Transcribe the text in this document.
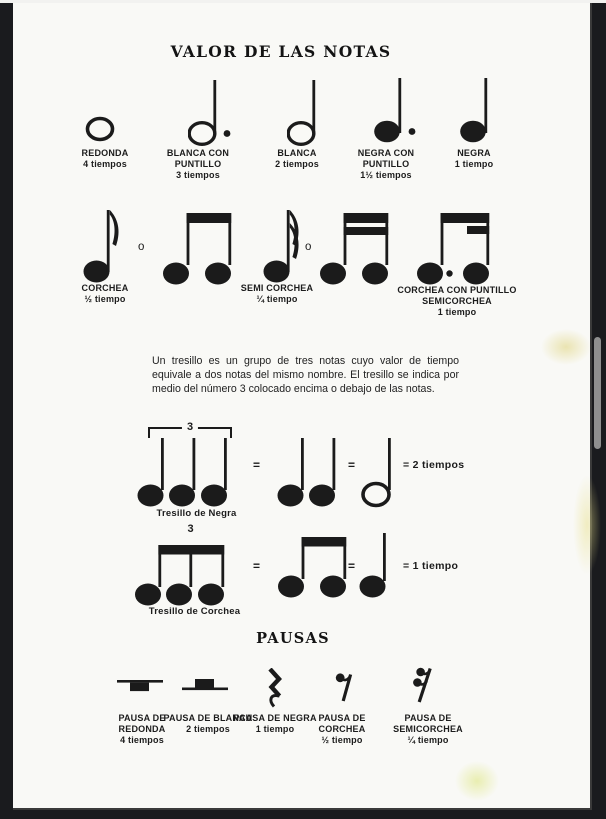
VALOR DE LAS NOTAS
REDONDA
4 tiempos
BLANCA CON PUNTILLO
3 tiempos
BLANCA
2 tiempos
NEGRA CON PUNTILLO
1½ tiempos
NEGRA
1 tiempo
o	o
CORCHEA
½ tiempo
SEMI CORCHEA
¼ tiempo
CORCHEA CON PUNTILLO
SEMICORCHEA
1 tiempo
Un tresillo es un grupo de tres notas cuyo valor de tiempo equivale a dos notas del mismo nombre. El tresillo se indica por medio del número 3 colocado encima o debajo de las notas.
3
=	=	= 2 tiempos
Tresillo de Negra
3
=	=	= 1 tiempo
Tresillo de Corchea
PAUSAS
PAUSA DE REDONDA
4 tiempos
PAUSA DE BLANCA
2 tiempos
PAUSA DE NEGRA
1 tiempo
PAUSA DE CORCHEA
½ tiempo
PAUSA DE SEMICORCHEA
¼ tiempo
